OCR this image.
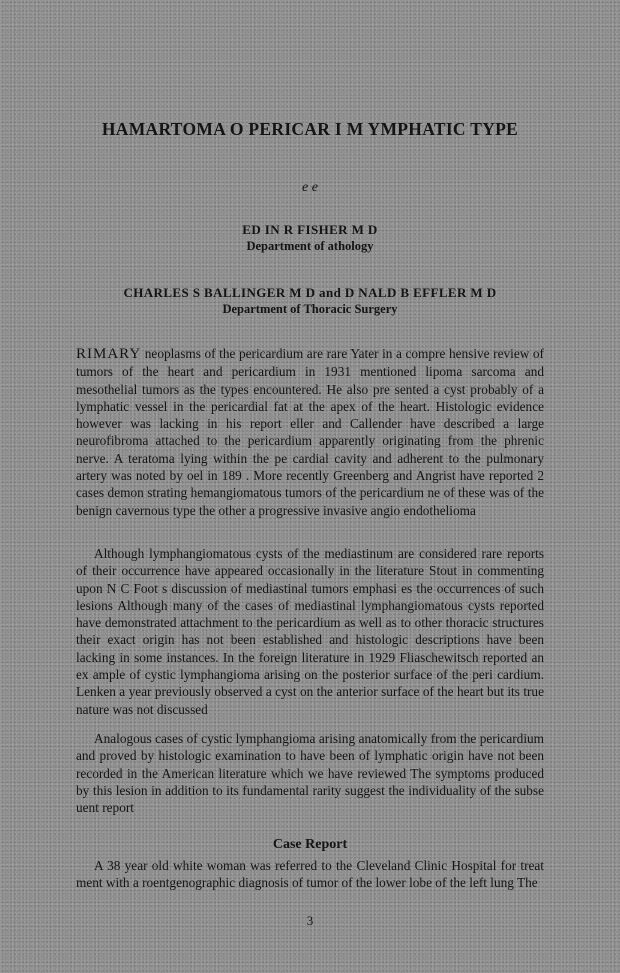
HAMARTOMA O PERICAR I M YMPHATIC TYPE
e e
ED IN R FISHER M D
Department of athology
CHARLES S BALLINGER M D and D NALD B EFFLER M D
Department of Thoracic Surgery

RIMARY neoplasms of the pericardium are rare Yater in a compre hensive review of tumors of the heart and pericardium in 1931 mentioned lipoma sarcoma and mesothelial tumors as the types encountered. He also pre sented a cyst probably of a lymphatic vessel in the pericardial fat at the apex of the heart. Histologic evidence however was lacking in his report eller and Callender have described a large neurofibroma attached to the pericardium apparently originating from the phrenic nerve. A teratoma lying within the pe cardial cavity and adherent to the pulmonary artery was noted by oel in 189 . More recently Greenberg and Angrist have reported 2 cases demon strating hemangiomatous tumors of the pericardium ne of these was of the benign cavernous type the other a progressive invasive angio endothelioma

Although lymphangiomatous cysts of the mediastinum are considered rare reports of their occurrence have appeared occasionally in the literature Stout in commenting upon N C Foot s discussion of mediastinal tumors emphasi es the occurrences of such lesions Although many of the cases of mediastinal lymphangiomatous cysts reported have demonstrated attachment to the pericardium as well as to other thoracic structures their exact origin has not been established and histologic descriptions have been lacking in some instances. In the foreign literature in 1929 Fliaschewitsch reported an ex ample of cystic lymphangioma arising on the posterior surface of the peri cardium. Lenken a year previously observed a cyst on the anterior surface of the heart but its true nature was not discussed

Analogous cases of cystic lymphangioma arising anatomically from the pericardium and proved by histologic examination to have been of lymphatic origin have not been recorded in the American literature which we have reviewed The symptoms produced by this lesion in addition to its fundamental rarity suggest the individuality of the subse uent report

Case Report

A 38 year old white woman was referred to the Cleveland Clinic Hospital for treat ment with a roentgenographic diagnosis of tumor of the lower lobe of the left lung The

3
